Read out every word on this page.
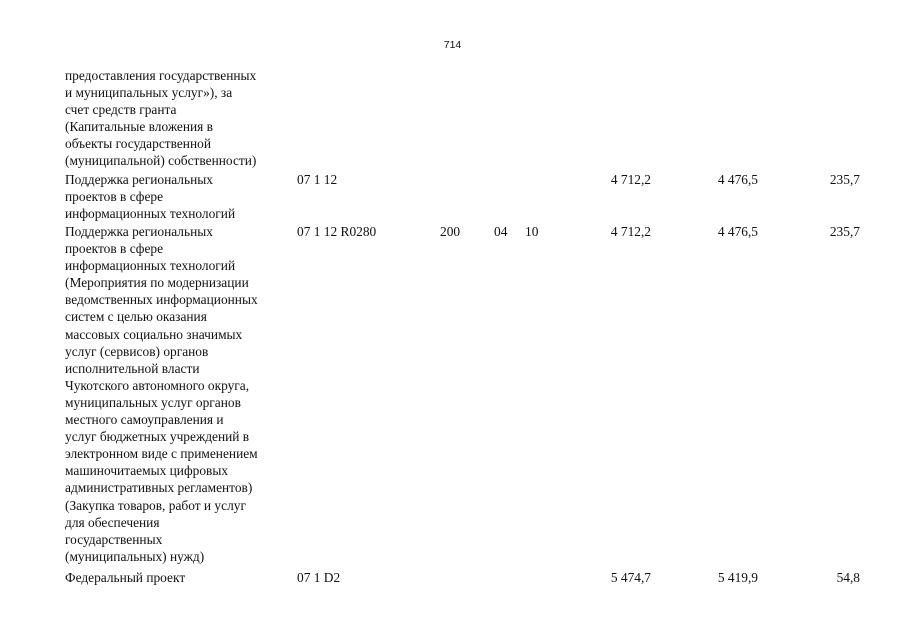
714
предоставления государственных
и муниципальных услуг»), за
счет средств гранта
(Капитальные вложения в
объекты государственной
(муниципальной) собственности)
Поддержка региональных
проектов в сфере
информационных технологий
07 1 12	4 712,2	4 476,5	235,7
Поддержка региональных
проектов в сфере
информационных технологий
(Мероприятия по модернизации
ведомственных информационных
систем с целью оказания
массовых социально значимых
услуг (сервисов) органов
исполнительной власти
Чукотского автономного округа,
муниципальных услуг органов
местного самоуправления и
услуг бюджетных учреждений в
электронном виде с применением
машиночитаемых цифровых
административных регламентов)
(Закупка товаров, работ и услуг
для обеспечения
государственных
(муниципальных) нужд)
07 1 12 R0280	200	04 10	4 712,2	4 476,5	235,7
Федеральный проект	07 1 D2	5 474,7	5 419,9	54,8
